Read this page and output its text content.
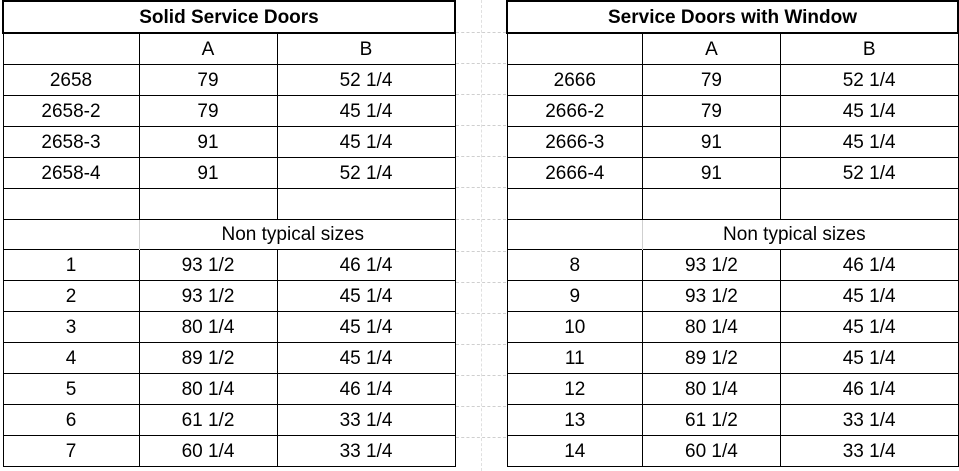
Solid Service Doors		
	A	B
2658	79	52 1/4
2658-2	79	45 1/4
2658-3	91	45 1/4
2658-4	91	52 1/4

	Non typical sizes	
1	93 1/2	46 1/4
2	93 1/2	45 1/4
3	80 1/4	45 1/4
4	89 1/2	45 1/4
5	80 1/4	46 1/4
6	61 1/2	33 1/4
7	60 1/4	33 1/4
Service Doors with Window		
	A	B
2666	79	52 1/4
2666-2	79	45 1/4
2666-3	91	45 1/4
2666-4	91	52 1/4

	Non typical sizes	
8	93 1/2	46 1/4
9	93 1/2	45 1/4
10	80 1/4	45 1/4
11	89 1/2	45 1/4
12	80 1/4	46 1/4
13	61 1/2	33 1/4
14	60 1/4	33 1/4
